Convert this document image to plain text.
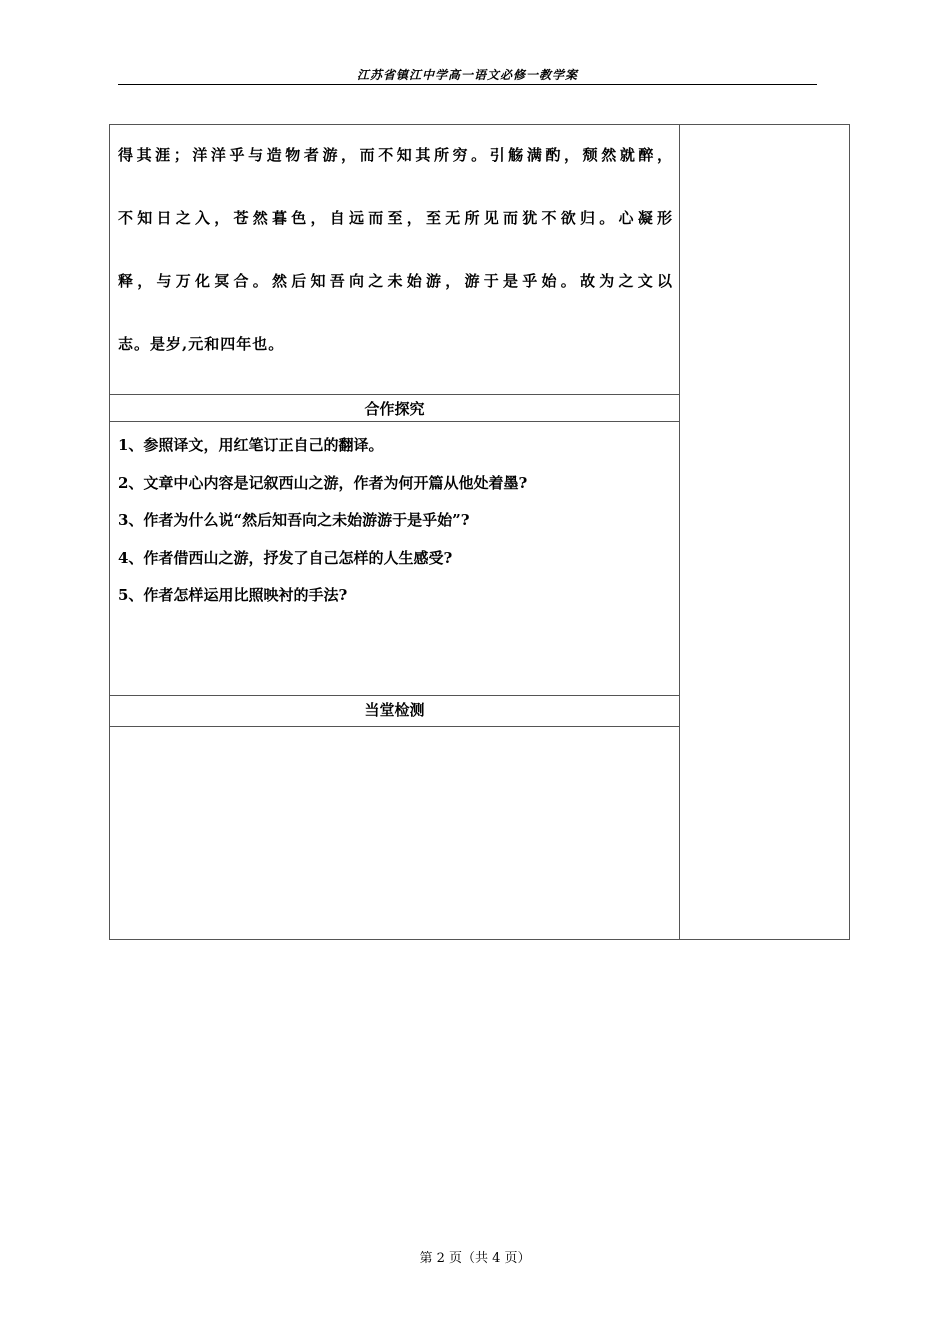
江苏省镇江中学高一语文必修一教学案
得其涯；洋洋乎与造物者游，而不知其所穷。引觞满酌，颓然就醉，
不知日之入，苍然暮色，自远而至，至无所见而犹不欲归。心凝形
释，与万化冥合。然后知吾向之未始游，游于是乎始。故为之文以
志。是岁,元和四年也。
合作探究
1、参照译文，用红笔订正自己的翻译。
2、文章中心内容是记叙西山之游，作者为何开篇从他处着墨?
3、作者为什么说“然后知吾向之未始游游于是乎始”?
4、作者借西山之游，抒发了自己怎样的人生感受?
5、作者怎样运用比照映衬的手法?
当堂检测
第 2 页（共 4 页）
